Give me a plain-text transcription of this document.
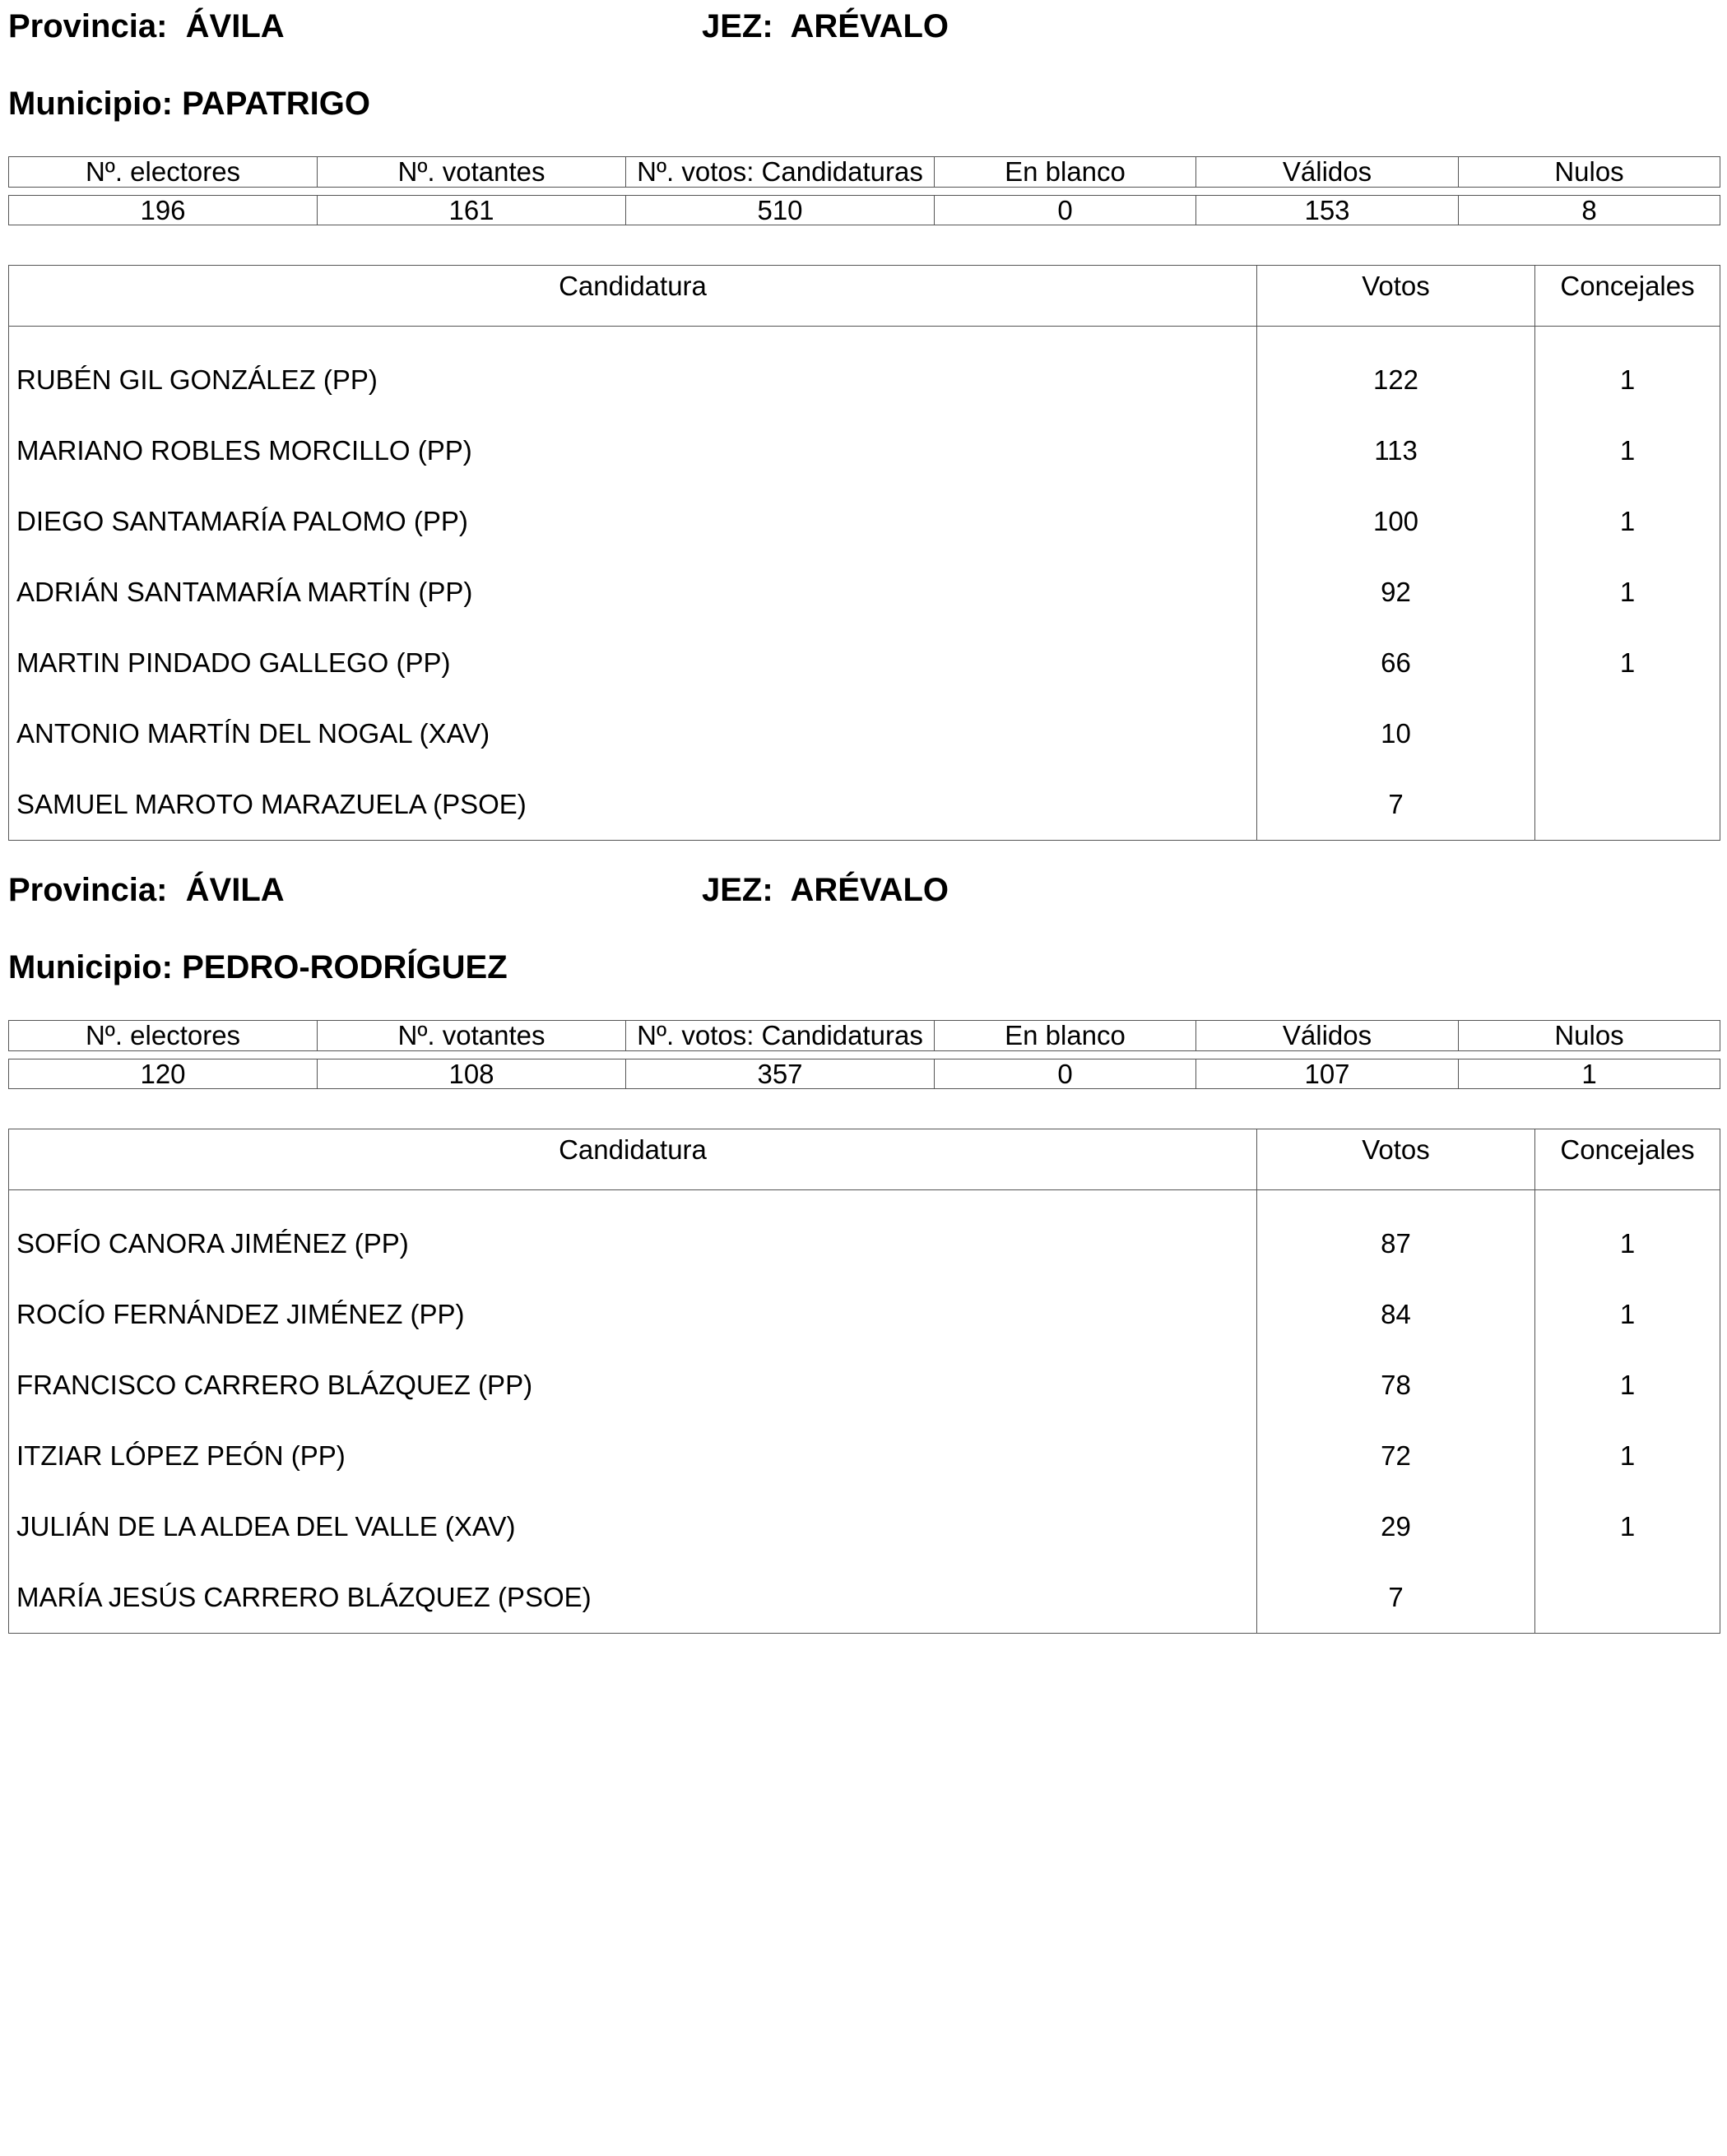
Provincia: ÁVILA	JEZ: ARÉVALO
Municipio: PAPATRIGO
Nº. electores	Nº. votantes	Nº. votos: Candidaturas	En blanco	Válidos	Nulos

196	161	510	0	153	8
Candidatura	Votos	Concejales
RUBÉN GIL GONZÁLEZ (PP)	122	1
MARIANO ROBLES MORCILLO (PP)	113	1
DIEGO SANTAMARÍA PALOMO (PP)	100	1
ADRIÁN SANTAMARÍA MARTÍN (PP)	92	1
MARTIN PINDADO GALLEGO (PP)	66	1
ANTONIO MARTÍN DEL NOGAL (XAV)	10	
SAMUEL MAROTO MARAZUELA (PSOE)	7	
Provincia: ÁVILA	JEZ: ARÉVALO
Municipio: PEDRO-RODRÍGUEZ
Nº. electores	Nº. votantes	Nº. votos: Candidaturas	En blanco	Válidos	Nulos

120	108	357	0	107	1
Candidatura	Votos	Concejales
SOFÍO CANORA JIMÉNEZ (PP)	87	1
ROCÍO FERNÁNDEZ JIMÉNEZ (PP)	84	1
FRANCISCO CARRERO BLÁZQUEZ (PP)	78	1
ITZIAR LÓPEZ PEÓN (PP)	72	1
JULIÁN DE LA ALDEA DEL VALLE (XAV)	29	1
MARÍA JESÚS CARRERO BLÁZQUEZ (PSOE)	7	
